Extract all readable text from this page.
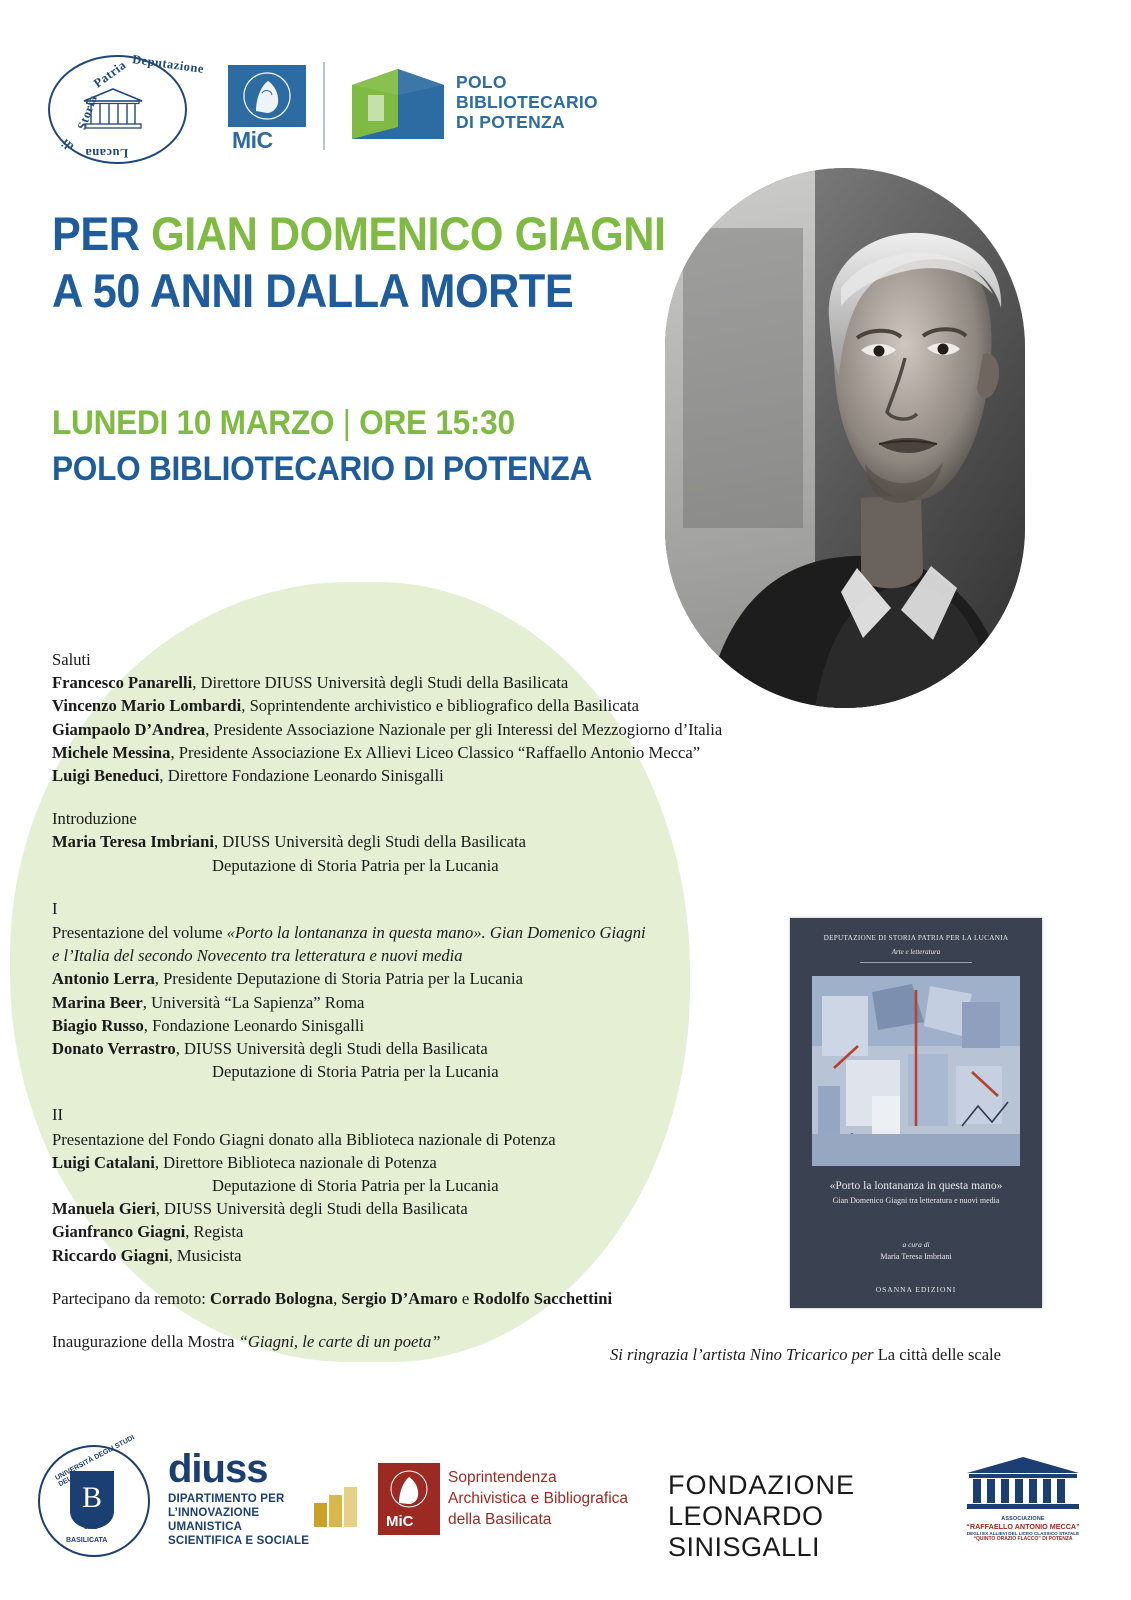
Storia
Patria Deputazione
Lucana
di	MiC
POLO
BIBLIOTECARIO
DI POTENZA
PER GIAN DOMENICO GIAGNI
A 50 ANNI DALLA MORTE
LUNEDI 10 MARZO | ORE 15:30
POLO BIBLIOTECARIO DI POTENZA
Saluti
Francesco Panarelli, Direttore DIUSS Università degli Studi della Basilicata
Vincenzo Mario Lombardi, Soprintendente archivistico e bibliografico della Basilicata
Giampaolo D’Andrea, Presidente Associazione Nazionale per gli Interessi del Mezzogiorno d’Italia
Michele Messina, Presidente Associazione Ex Allievi Liceo Classico “Raffaello Antonio Mecca”
Luigi Beneduci, Direttore Fondazione Leonardo Sinisgalli
Introduzione
Maria Teresa Imbriani, DIUSS Università degli Studi della Basilicata
Deputazione di Storia Patria per la Lucania
I
Presentazione del volume «Porto la lontananza in questa mano». Gian Domenico Giagni
e l’Italia del secondo Novecento tra letteratura e nuovi media
Antonio Lerra, Presidente Deputazione di Storia Patria per la Lucania
Marina Beer, Università “La Sapienza” Roma
Biagio Russo, Fondazione Leonardo Sinisgalli
Donato Verrastro, DIUSS Università degli Studi della Basilicata
Deputazione di Storia Patria per la Lucania
II
Presentazione del Fondo Giagni donato alla Biblioteca nazionale di Potenza
Luigi Catalani, Direttore Biblioteca nazionale di Potenza
Deputazione di Storia Patria per la Lucania
Manuela Gieri, DIUSS Università degli Studi della Basilicata
Gianfranco Giagni, Regista
Riccardo Giagni, Musicista
Partecipano da remoto: Corrado Bologna, Sergio D’Amaro e Rodolfo Sacchettini
Inaugurazione della Mostra “Giagni, le carte di un poeta”
DEPUTAZIONE DI STORIA PATRIA PER LA LUCANIA
Arte e letteratura
«Porto la lontananza in questa mano»
Gian Domenico Giagni tra letteratura e nuovi media
a cura di
Maria Teresa Imbriani
OSANNA EDIZIONI
Si ringrazia l’artista Nino Tricarico per La città delle scale
B
UNIVERSITÀ DEGLI STUDI DELLA
BASILICATA
1982
diuss
DIPARTIMENTO PER
L’INNOVAZIONE
UMANISTICA
SCIENTIFICA E SOCIALE
MiC
Soprintendenza
Archivistica e Bibliografica
della Basilicata
FONDAZIONE
LEONARDO SINISGALLI
ASSOCIAZIONE
“RAFFAELLO ANTONIO MECCA”
DEGLI EX ALLIEVI DEL LICEO CLASSICO STATALE
“QUINTO ORAZIO FLACCO” DI POTENZA
